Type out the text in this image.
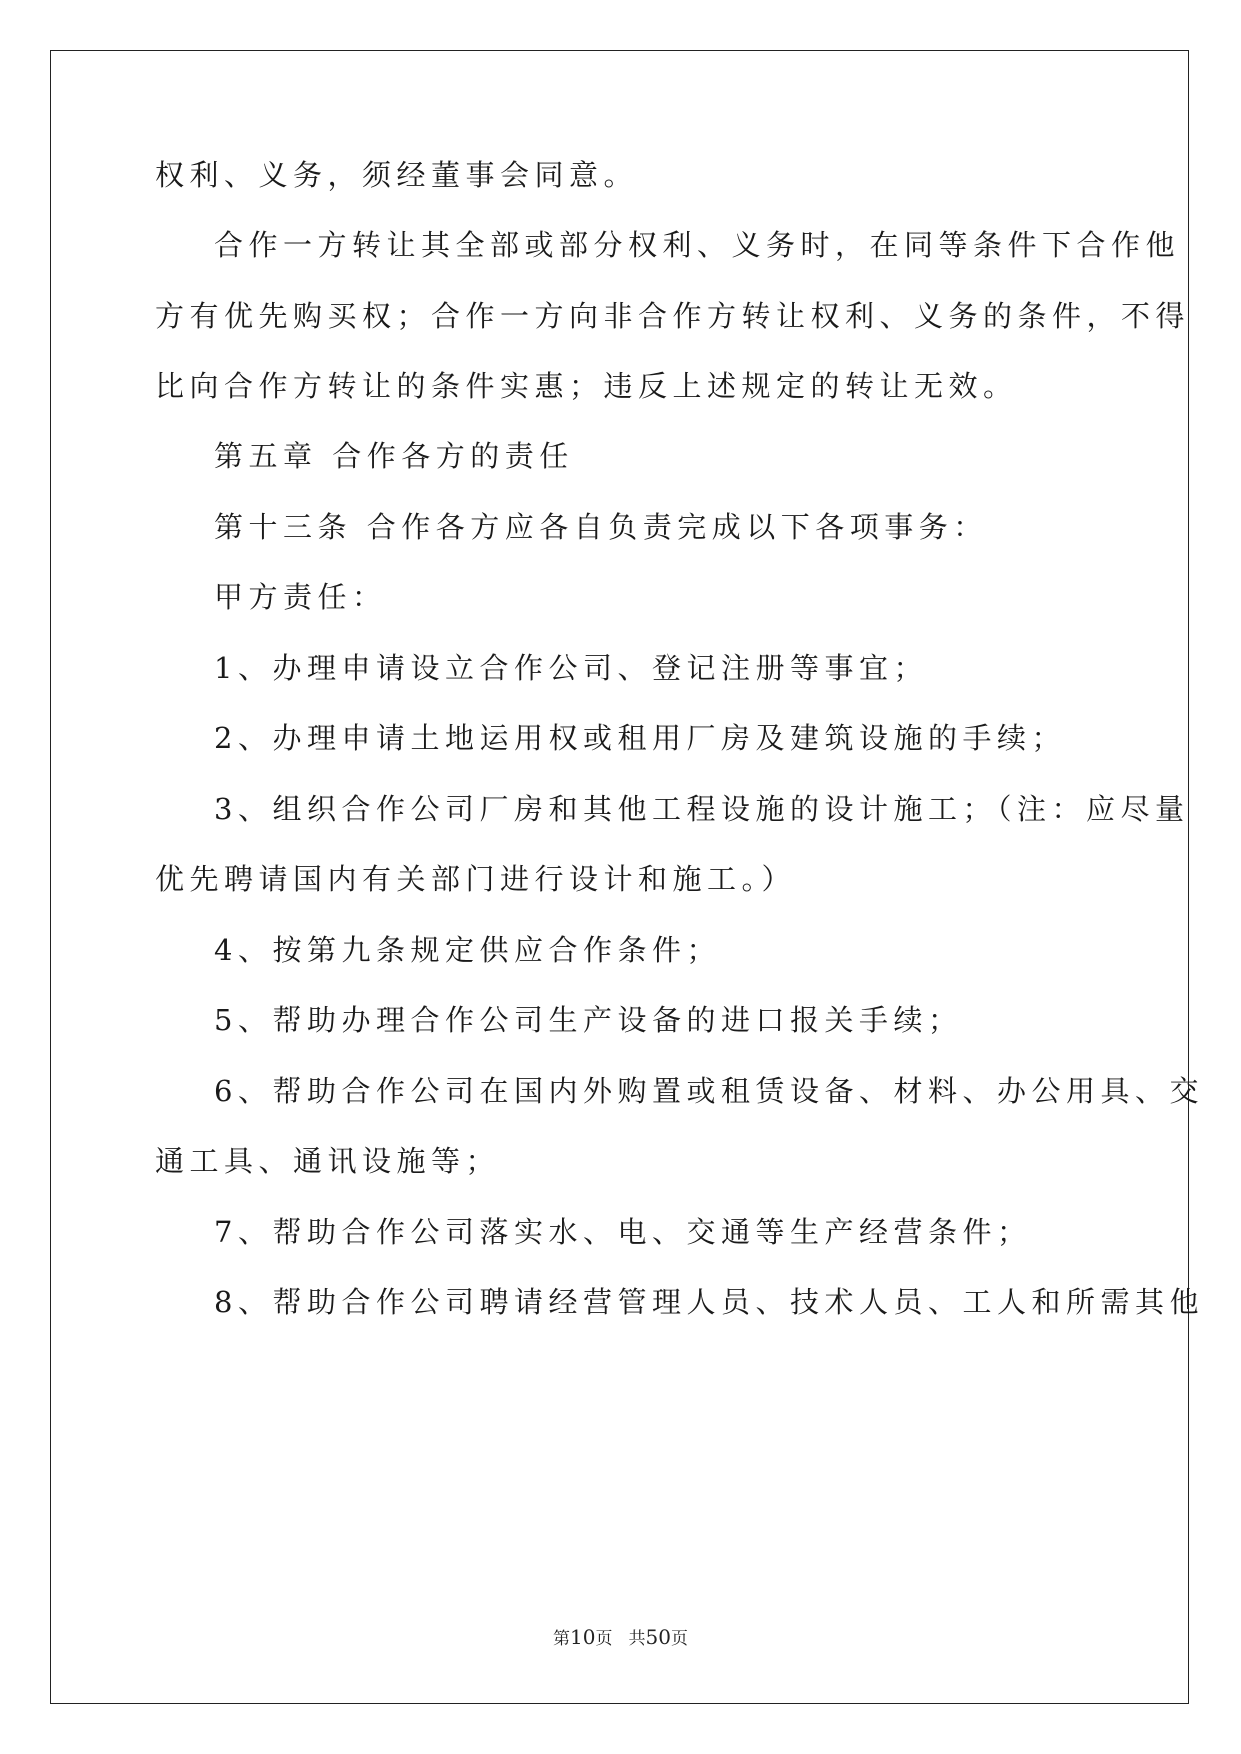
权利、义务，须经董事会同意。
合作一方转让其全部或部分权利、义务时，在同等条件下合作他
方有优先购买权；合作一方向非合作方转让权利、义务的条件，不得
比向合作方转让的条件实惠；违反上述规定的转让无效。
第五章 合作各方的责任
第十三条 合作各方应各自负责完成以下各项事务：
甲方责任：
1、办理申请设立合作公司、登记注册等事宜；
2、办理申请土地运用权或租用厂房及建筑设施的手续；
3、组织合作公司厂房和其他工程设施的设计施工；（注：应尽量
优先聘请国内有关部门进行设计和施工。）
4、按第九条规定供应合作条件；
5、帮助办理合作公司生产设备的进口报关手续；
6、帮助合作公司在国内外购置或租赁设备、材料、办公用具、交
通工具、通讯设施等；
7、帮助合作公司落实水、电、交通等生产经营条件；
8、帮助合作公司聘请经营管理人员、技术人员、工人和所需其他
第10页 共50页
